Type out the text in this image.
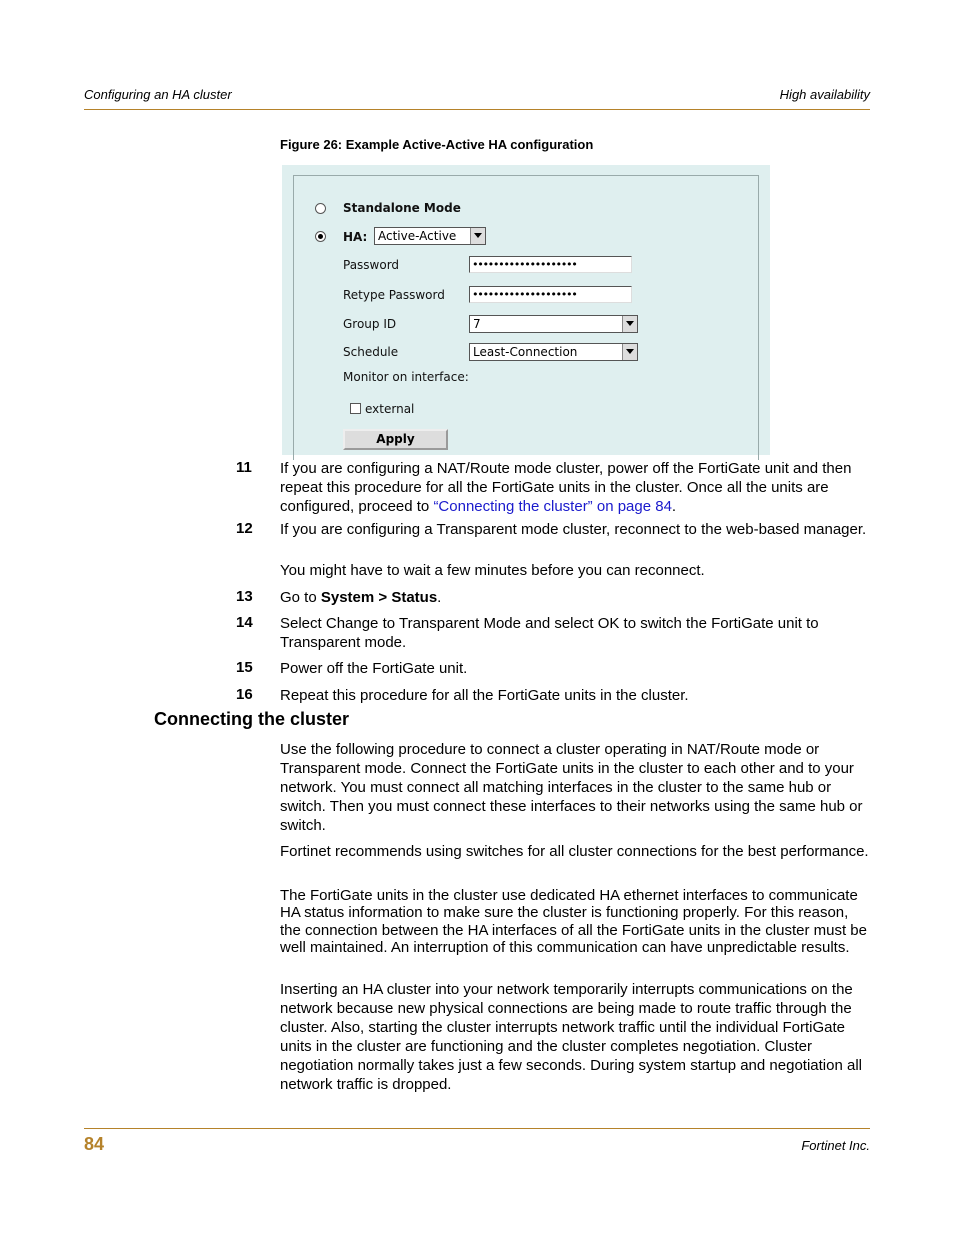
Configuring an HA cluster	High availability
Figure 26: Example Active-Active HA configuration
Standalone Mode
HA: Active-Active
Password	••••••••••••••••••••
Retype Password ••••••••••••••••••••
Group ID	7
Schedule	Least-Connection
Monitor on interface:
external
Apply
11 If you are configuring a NAT/Route mode cluster, power off the FortiGate unit and then repeat this procedure for all the FortiGate units in the cluster. Once all the units are configured, proceed to “Connecting the cluster” on page 84.
12 If you are configuring a Transparent mode cluster, reconnect to the web-based manager.
You might have to wait a few minutes before you can reconnect.
13 Go to System > Status.
14 Select Change to Transparent Mode and select OK to switch the FortiGate unit to Transparent mode.
15 Power off the FortiGate unit.
16 Repeat this procedure for all the FortiGate units in the cluster.
Connecting the cluster

Use the following procedure to connect a cluster operating in NAT/Route mode or Transparent mode. Connect the FortiGate units in the cluster to each other and to your network. You must connect all matching interfaces in the cluster to the same hub or switch. Then you must connect these interfaces to their networks using the same hub or switch.

Fortinet recommends using switches for all cluster connections for the best performance.

The FortiGate units in the cluster use dedicated HA ethernet interfaces to communicate HA status information to make sure the cluster is functioning properly. For this reason, the connection between the HA interfaces of all the FortiGate units in the cluster must be well maintained. An interruption of this communication can have unpredictable results.

Inserting an HA cluster into your network temporarily interrupts communications on the network because new physical connections are being made to route traffic through the cluster. Also, starting the cluster interrupts network traffic until the individual FortiGate units in the cluster are functioning and the cluster completes negotiation. Cluster negotiation normally takes just a few seconds. During system startup and negotiation all network traffic is dropped.

84	Fortinet Inc.
